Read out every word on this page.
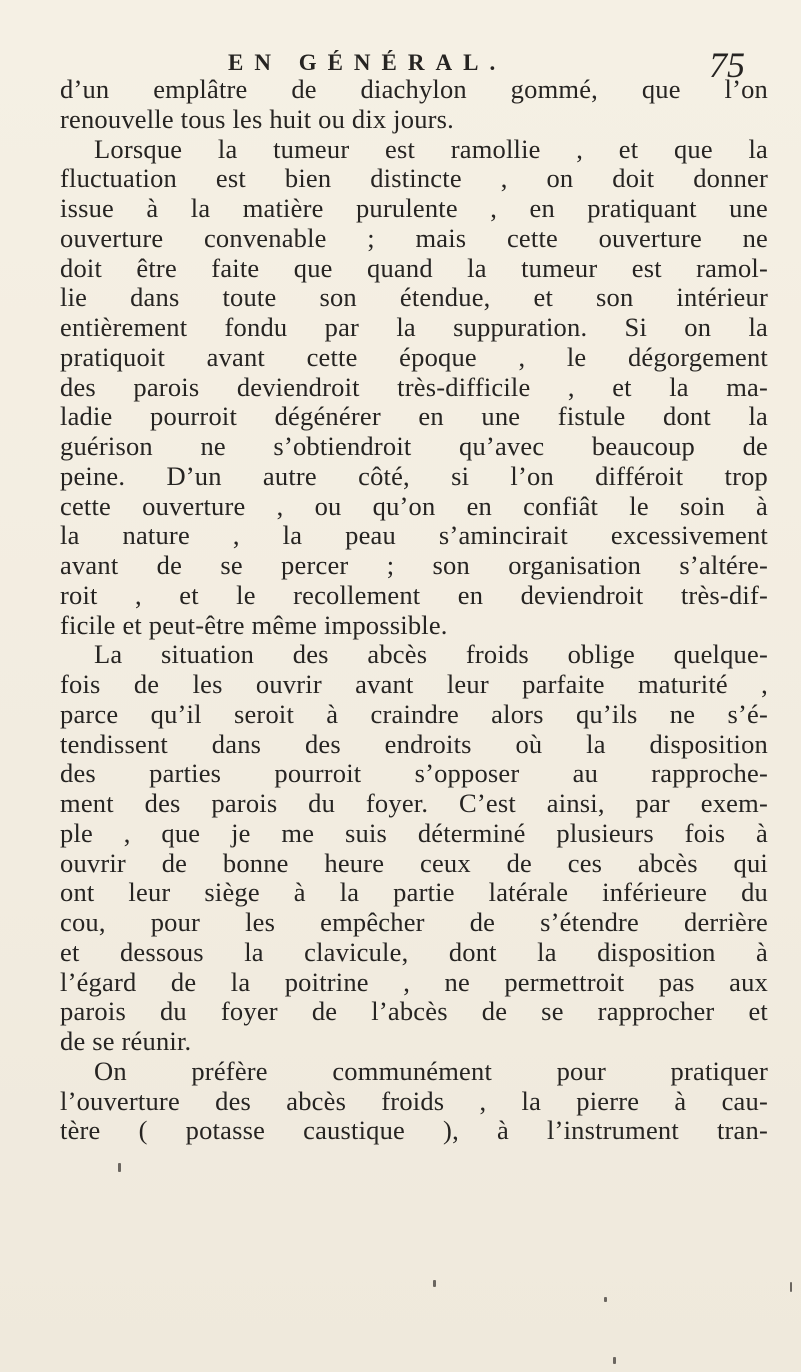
EN GÉNÉRAL.	75
d’un emplâtre de diachylon gommé, que l’on
renouvelle tous les huit ou dix jours.
Lorsque la tumeur est ramollie , et que la
fluctuation est bien distincte , on doit donner
issue à la matière purulente , en pratiquant une
ouverture convenable ; mais cette ouverture ne
doit être faite que quand la tumeur est ramol-
lie dans toute son étendue, et son intérieur
entièrement fondu par la suppuration. Si on la
pratiquoit avant cette époque , le dégorgement
des parois deviendroit très-difficile , et la ma-
ladie pourroit dégénérer en une fistule dont la
guérison ne s’obtiendroit qu’avec beaucoup de
peine. D’un autre côté, si l’on différoit trop
cette ouverture , ou qu’on en confiât le soin à
la nature , la peau s’amincirait excessivement
avant de se percer ; son organisation s’altére-
roit , et le recollement en deviendroit très-dif-
ficile et peut-être même impossible.
La situation des abcès froids oblige quelque-
fois de les ouvrir avant leur parfaite maturité ,
parce qu’il seroit à craindre alors qu’ils ne s’é-
tendissent dans des endroits où la disposition
des parties pourroit s’opposer au rapproche-
ment des parois du foyer. C’est ainsi, par exem-
ple , que je me suis déterminé plusieurs fois à
ouvrir de bonne heure ceux de ces abcès qui
ont leur siège à la partie latérale inférieure du
cou, pour les empêcher de s’étendre derrière
et dessous la clavicule, dont la disposition à
l’égard de la poitrine , ne permettroit pas aux
parois du foyer de l’abcès de se rapprocher et
de se réunir.
On préfère communément pour pratiquer
l’ouverture des abcès froids , la pierre à cau-
tère ( potasse caustique ), à l’instrument tran-
